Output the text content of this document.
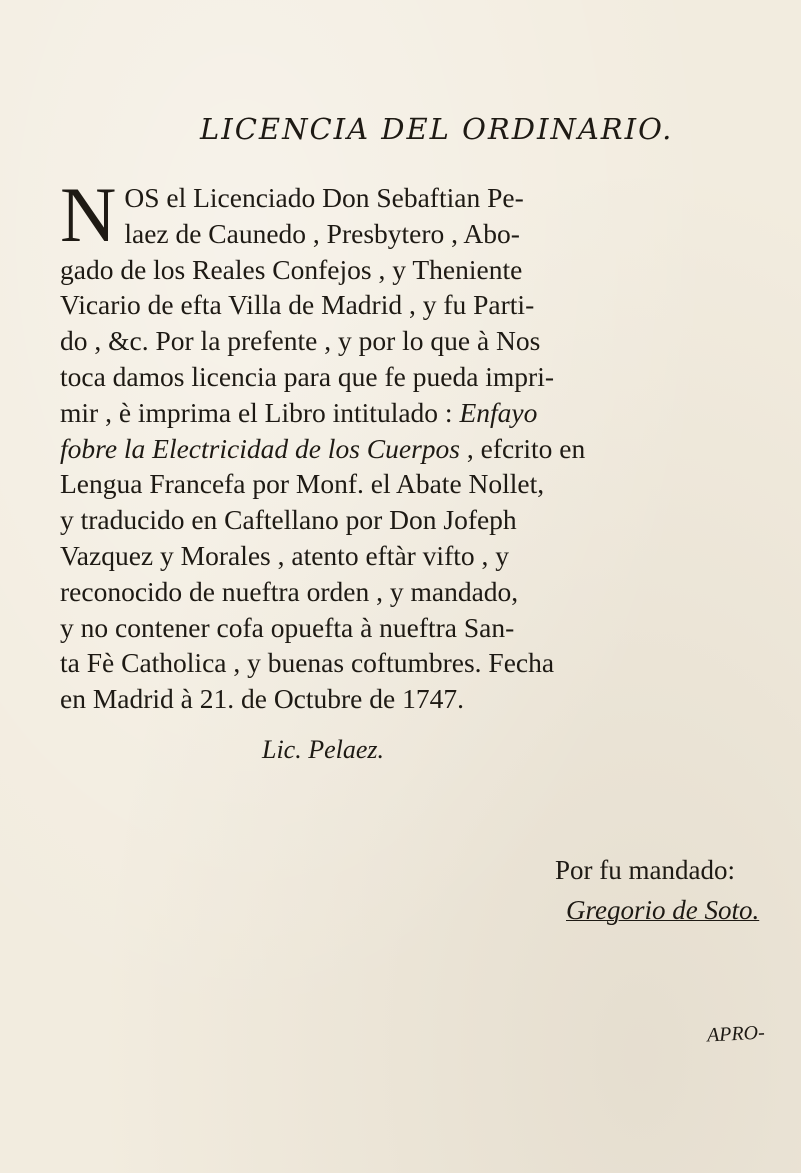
LICENCIA DEL ORDINARIO.
N OS el Licenciado Don Sebaftian Pe-
laez de Caunedo , Presbytero , Abo-
gado de los Reales Confejos , y Theniente
Vicario de efta Villa de Madrid , y fu Parti-
do , &c. Por la prefente , y por lo que à Nos
toca damos licencia para que fe pueda impri-
mir , è imprima el Libro intitulado : Enfayo
fobre la Electricidad de los Cuerpos , efcrito en
Lengua Francefa por Monf. el Abate Nollet,
y traducido en Caftellano por Don Jofeph
Vazquez y Morales , atento eftàr vifto , y
reconocido de nueftra orden , y mandado,
y no contener cofa opuefta à nueftra San-
ta Fè Catholica , y buenas coftumbres. Fecha
en Madrid à 21. de Octubre de 1747.
Lic. Pelaez.
Por fu mandado:
Gregorio de Soto.
APRO-
